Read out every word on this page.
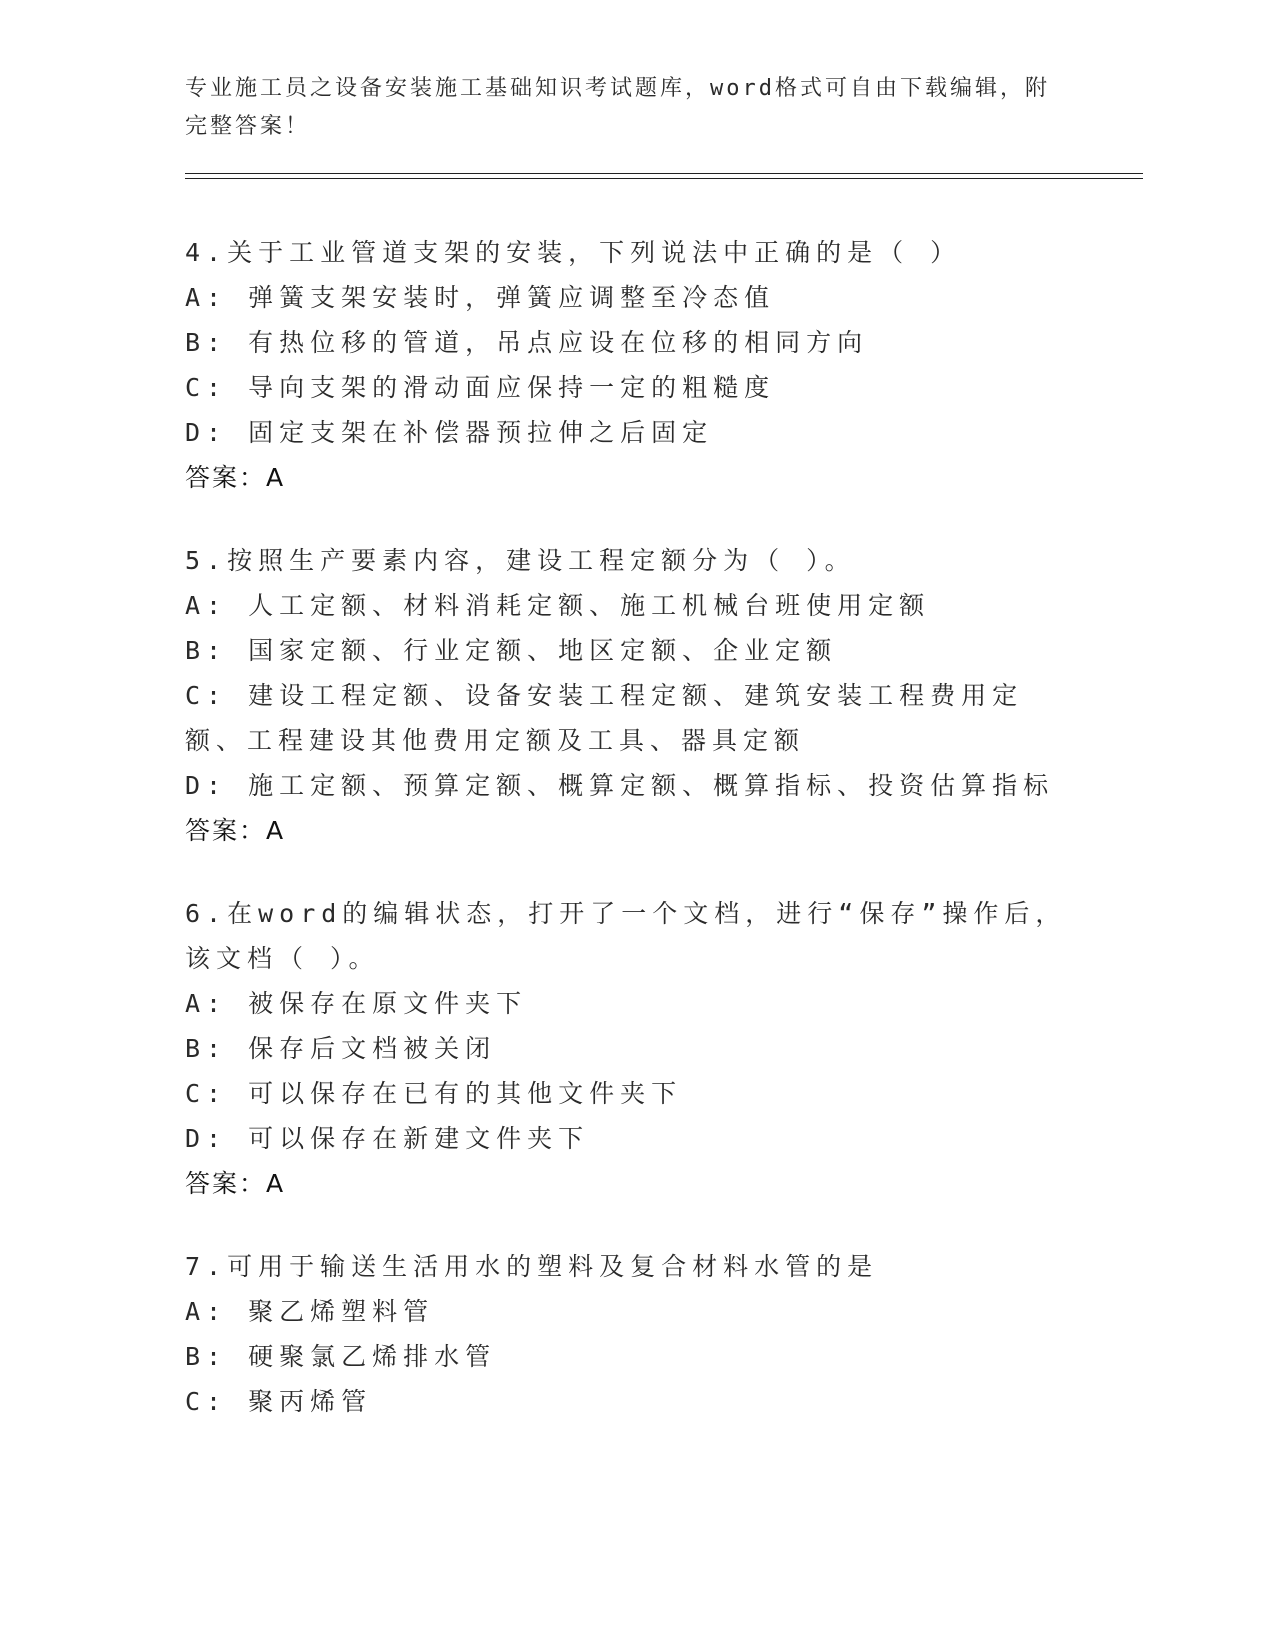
专业施工员之设备安装施工基础知识考试题库，word格式可自由下载编辑，附完整答案！
4.关于工业管道支架的安装，下列说法中正确的是（ ）
A: 弹簧支架安装时，弹簧应调整至冷态值
B: 有热位移的管道，吊点应设在位移的相同方向
C: 导向支架的滑动面应保持一定的粗糙度
D: 固定支架在补偿器预拉伸之后固定
答案：A
5.按照生产要素内容，建设工程定额分为（ ）。
A: 人工定额、材料消耗定额、施工机械台班使用定额
B: 国家定额、行业定额、地区定额、企业定额
C: 建设工程定额、设备安装工程定额、建筑安装工程费用定额、工程建设其他费用定额及工具、器具定额
D: 施工定额、预算定额、概算定额、概算指标、投资估算指标
答案：A
6.在word的编辑状态，打开了一个文档，进行“保存”操作后，该文档（ ）。
A: 被保存在原文件夹下
B: 保存后文档被关闭
C: 可以保存在已有的其他文件夹下
D: 可以保存在新建文件夹下
答案：A
7.可用于输送生活用水的塑料及复合材料水管的是
A: 聚乙烯塑料管
B: 硬聚氯乙烯排水管
C: 聚丙烯管
